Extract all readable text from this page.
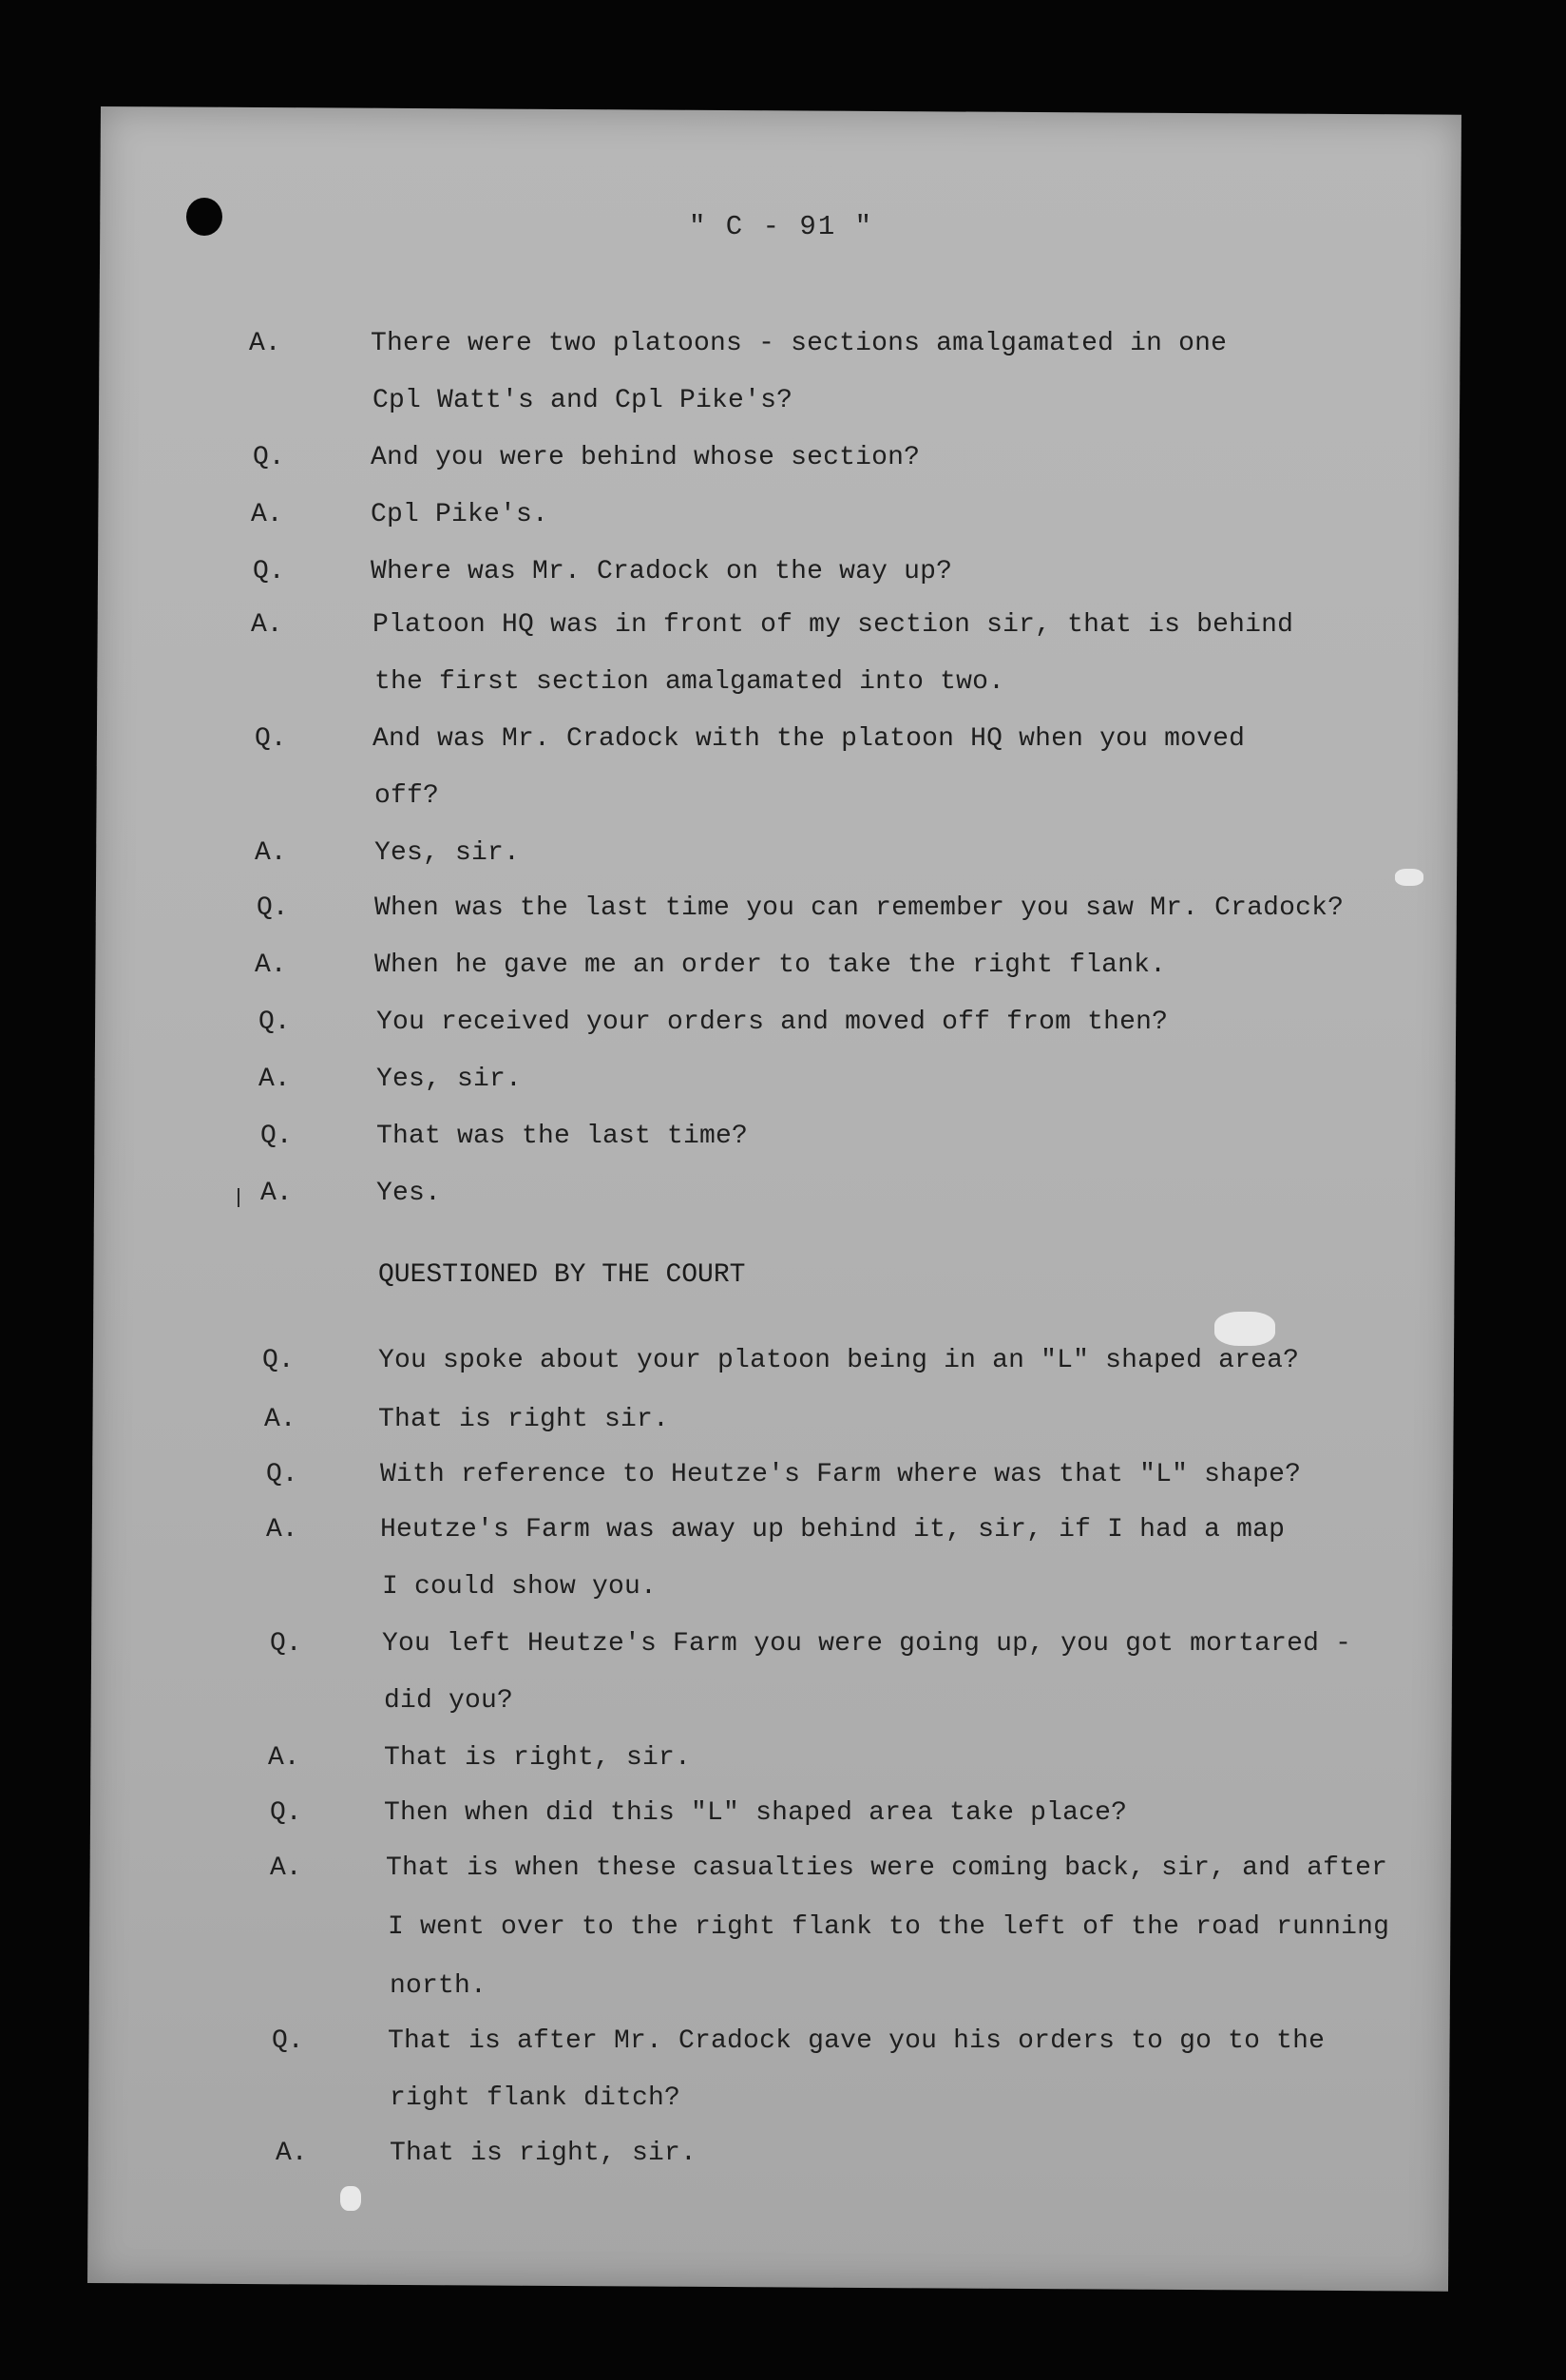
" C - 91 "
A.	There were two platoons - sections amalgamated in one
Cpl Watt's and Cpl Pike's?
Q.	And you were behind whose section?
A.	Cpl Pike's.
Q.	Where was Mr. Cradock on the way up?
A.	Platoon HQ was in front of my section sir, that is behind
the first section amalgamated into two.
Q.	And was Mr. Cradock with the platoon HQ when you moved
off?
A.	Yes, sir.
Q.	When was the last time you can remember you saw Mr. Cradock?
A.	When he gave me an order to take the right flank.
Q.	You received your orders and moved off from then?
A.	Yes, sir.
Q.	That was the last time?
A.	Yes.
QUESTIONED BY THE COURT
Q.	You spoke about your platoon being in an "L" shaped area?
A.	That is right sir.
Q.	With reference to Heutze's Farm where was that "L" shape?
A.	Heutze's Farm was away up behind it, sir, if I had a map
I could show you.
Q.	You left Heutze's Farm you were going up, you got mortared -
did you?
A.	That is right, sir.
Q.	Then when did this "L" shaped area take place?
A.	That is when these casualties were coming back, sir, and after
I went over to the right flank to the left of the road running
north.
Q.	That is after Mr. Cradock gave you his orders to go to the
right flank ditch?
A.	That is right, sir.
